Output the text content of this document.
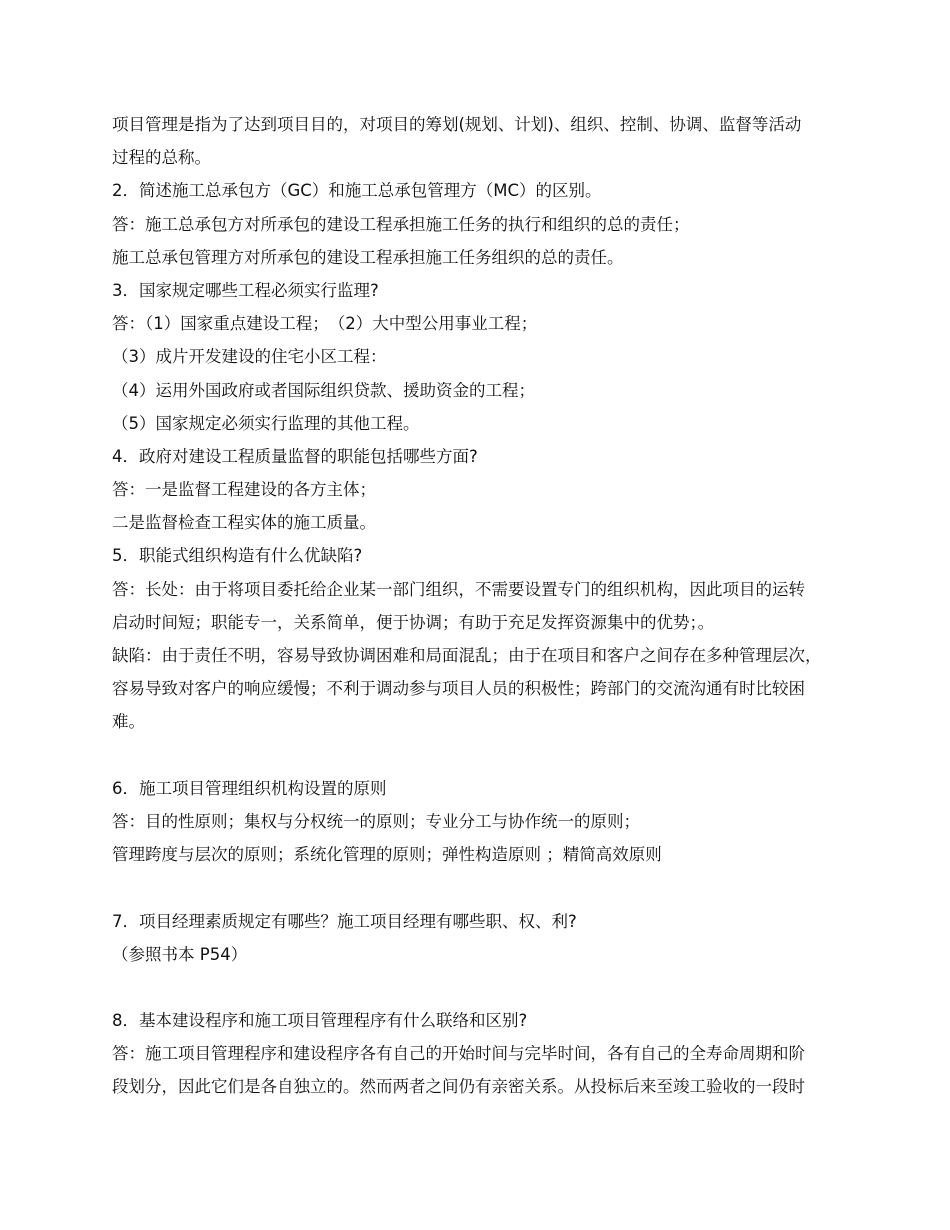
项目管理是指为了达到项目目的，对项目的筹划(规划、计划)、组织、控制、协调、监督等活动
过程的总称。
2．简述施工总承包方（GC）和施工总承包管理方（MC）的区别。
答：施工总承包方对所承包的建设工程承担施工任务的执行和组织的总的责任；
施工总承包管理方对所承包的建设工程承担施工任务组织的总的责任。
3．国家规定哪些工程必须实行监理?
答：（1）国家重点建设工程；　（2）大中型公用事业工程；
（3）成片开发建设的住宅小区工程：
（4）运用外国政府或者国际组织贷款、援助资金的工程；
（5）国家规定必须实行监理的其他工程。
4．政府对建设工程质量监督的职能包括哪些方面?
答：一是监督工程建设的各方主体；
二是监督检查工程实体的施工质量。
5．职能式组织构造有什么优缺陷?
答：长处：由于将项目委托给企业某一部门组织，不需要设置专门的组织机构，因此项目的运转
启动时间短；职能专一，关系简单，便于协调；有助于充足发挥资源集中的优势；。
缺陷：由于责任不明，容易导致协调困难和局面混乱；由于在项目和客户之间存在多种管理层次，
容易导致对客户的响应缓慢；不利于调动参与项目人员的积极性；跨部门的交流沟通有时比较困
难。
6．施工项目管理组织机构设置的原则
答：目的性原则；集权与分权统一的原则；专业分工与协作统一的原则；
管理跨度与层次的原则；系统化管理的原则；弹性构造原则 ；精简高效原则
7．项目经理素质规定有哪些？施工项目经理有哪些职、权、利?
（参照书本 P54）
8．基本建设程序和施工项目管理程序有什么联络和区别?
答：施工项目管理程序和建设程序各有自己的开始时间与完毕时间，各有自己的全寿命周期和阶
段划分，因此它们是各自独立的。然而两者之间仍有亲密关系。从投标后来至竣工验收的一段时
